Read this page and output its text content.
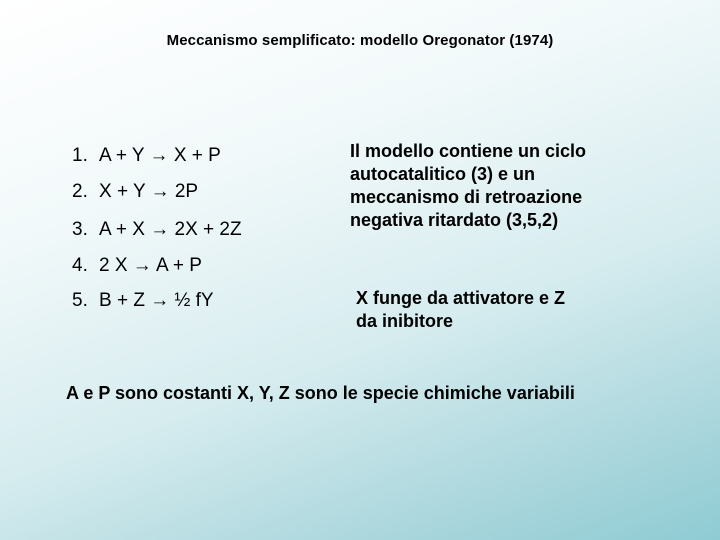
Meccanismo semplificato: modello Oregonator (1974)
1. A + Y → X + P
2. X + Y → 2P
3. A + X → 2X + 2Z
4. 2 X → A + P
5. B + Z → ½ fY
Il modello contiene un ciclo
autocatalitico (3) e un
meccanismo di retroazione
negativa ritardato (3,5,2)
X funge da attivatore e Z
da inibitore
A e P sono costanti X, Y, Z sono le specie chimiche variabili
